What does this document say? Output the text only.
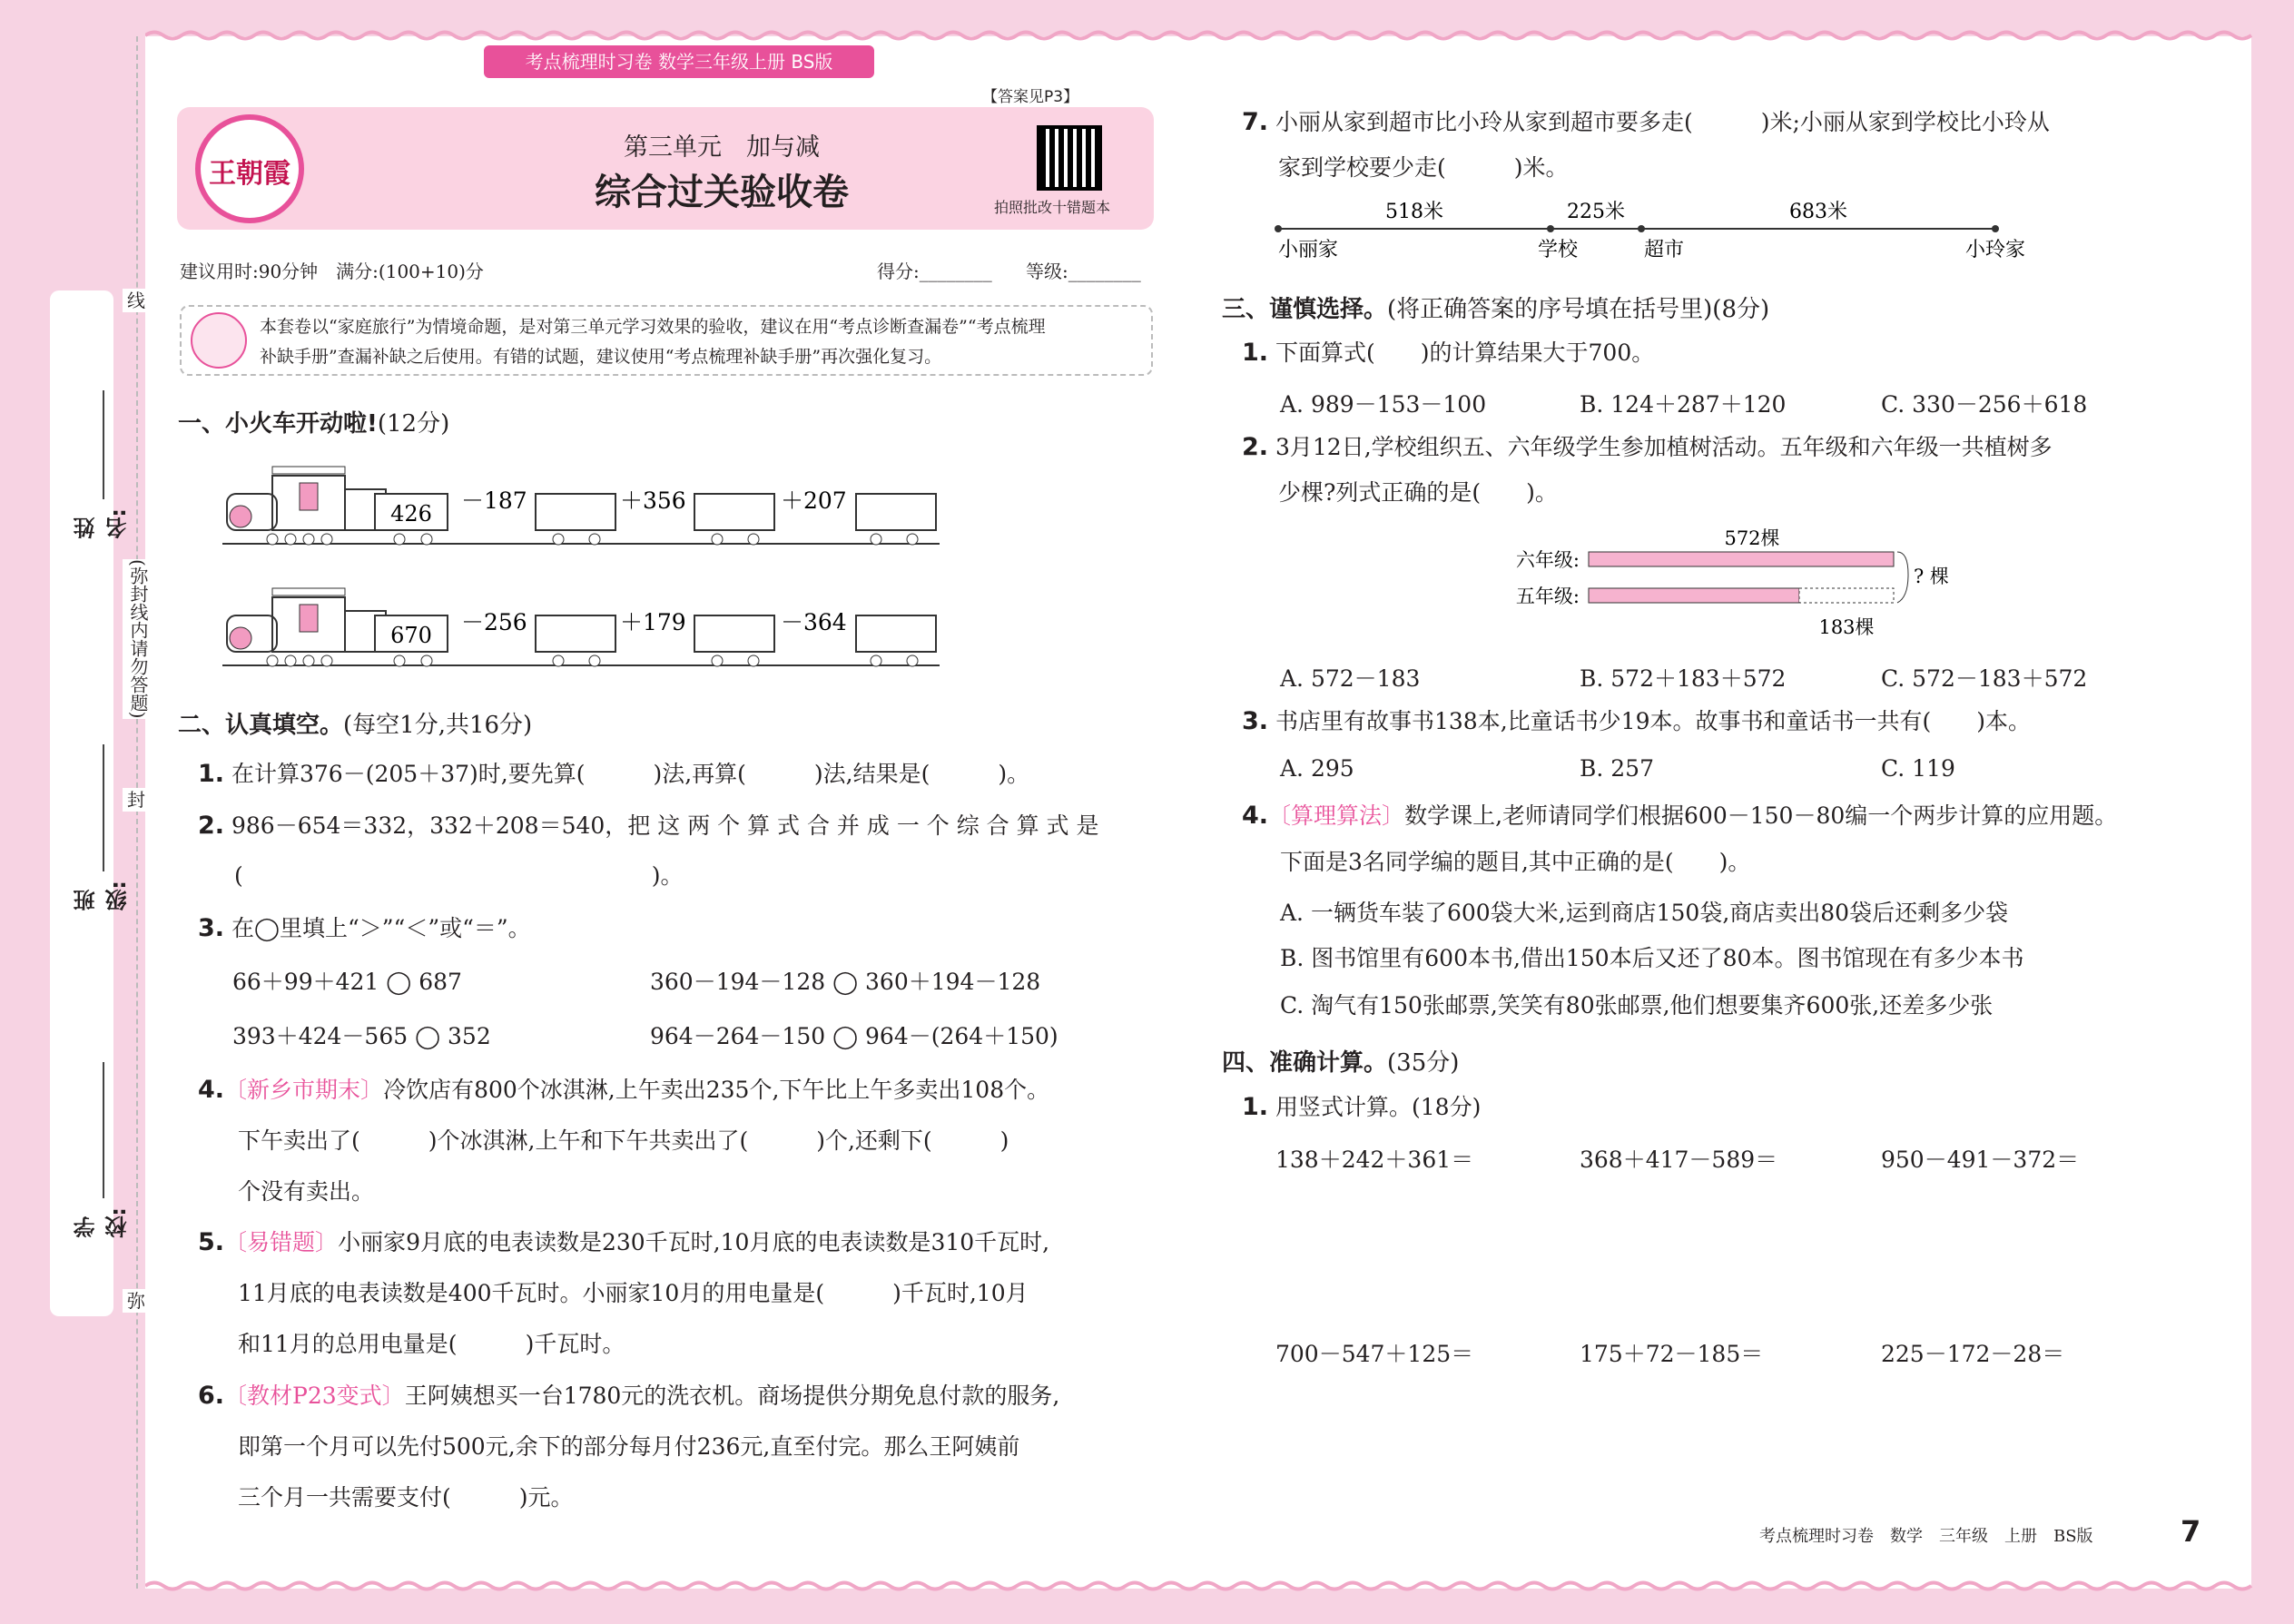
姓名:
班级:
学校:
线
(弥封线内请勿答题)
封
弥
考点梳理时习卷 数学三年级上册 BS版
王朝霞
第三单元　加与减
综合过关验收卷	拍照批改十错题本
【答案见P3】
建议用时:90分钟　满分:(100+10)分	得分:________ 等级:________

本套卷以“家庭旅行”为情境命题，是对第三单元学习效果的验收，建议在用“考点诊断查漏卷”“考点梳理
补缺手册”查漏补缺之后使用。有错的试题，建议使用“考点梳理补缺手册”再次强化复习。

一、小火车开动啦!(12分)
426 －187	＋356	＋207
670 －256	＋179	－364
二、认真填空。(每空1分,共16分)
1. 在计算376－(205＋37)时,要先算(　　　)法,再算(　　　)法,结果是(　　　)。
2. 986－654＝332，332＋208＝540，把 这 两 个 算 式 合 并 成 一 个 综 合 算 式 是
(　　　　　　　　　　　　　　　　　　)。
3. 在◯里填上“＞”“＜”或“＝”。
66＋99＋421 ◯ 687	360－194－128 ◯ 360＋194－128
393＋424－565 ◯ 352	964－264－150 ◯ 964－(264＋150)
4.〔新乡市期末〕冷饮店有800个冰淇淋,上午卖出235个,下午比上午多卖出108个。
下午卖出了(　　　)个冰淇淋,上午和下午共卖出了(　　　)个,还剩下(　　　)
个没有卖出。
5.〔易错题〕小丽家9月底的电表读数是230千瓦时,10月底的电表读数是310千瓦时,
11月底的电表读数是400千瓦时。小丽家10月的用电量是(　　　)千瓦时,10月
和11月的总用电量是(　　　)千瓦时。
6.〔教材P23变式〕王阿姨想买一台1780元的洗衣机。商场提供分期免息付款的服务,
即第一个月可以先付500元,余下的部分每月付236元,直至付完。那么王阿姨前
三个月一共需要支付(　　　)元。
7. 小丽从家到超市比小玲从家到超市要多走(　　　)米;小丽从家到学校比小玲从
家到学校要少走(　　　)米。
518米	225米	683米
小丽家	学校	超市	小玲家
三、谨慎选择。(将正确答案的序号填在括号里)(8分)
1. 下面算式(　　)的计算结果大于700。
A. 989－153－100	B. 124＋287＋120	C. 330－256＋618
2. 3月12日,学校组织五、六年级学生参加植树活动。五年级和六年级一共植树多
少棵?列式正确的是(　　)。
572棵
六年级:
五年级:
? 棵
183棵
A. 572－183	B. 572＋183＋572	C. 572－183＋572
3. 书店里有故事书138本,比童话书少19本。故事书和童话书一共有(　　)本。
A. 295	B. 257	C. 119
4.〔算理算法〕数学课上,老师请同学们根据600－150－80编一个两步计算的应用题。
下面是3名同学编的题目,其中正确的是(　　)。
A. 一辆货车装了600袋大米,运到商店150袋,商店卖出80袋后还剩多少袋
B. 图书馆里有600本书,借出150本后又还了80本。图书馆现在有多少本书
C. 淘气有150张邮票,笑笑有80张邮票,他们想要集齐600张,还差多少张
四、准确计算。(35分)
1. 用竖式计算。(18分)
138＋242＋361＝	368＋417－589＝	950－491－372＝
700－547＋125＝	175＋72－185＝	225－172－28＝
考点梳理时习卷　数学　三年级　上册　BS版	7
